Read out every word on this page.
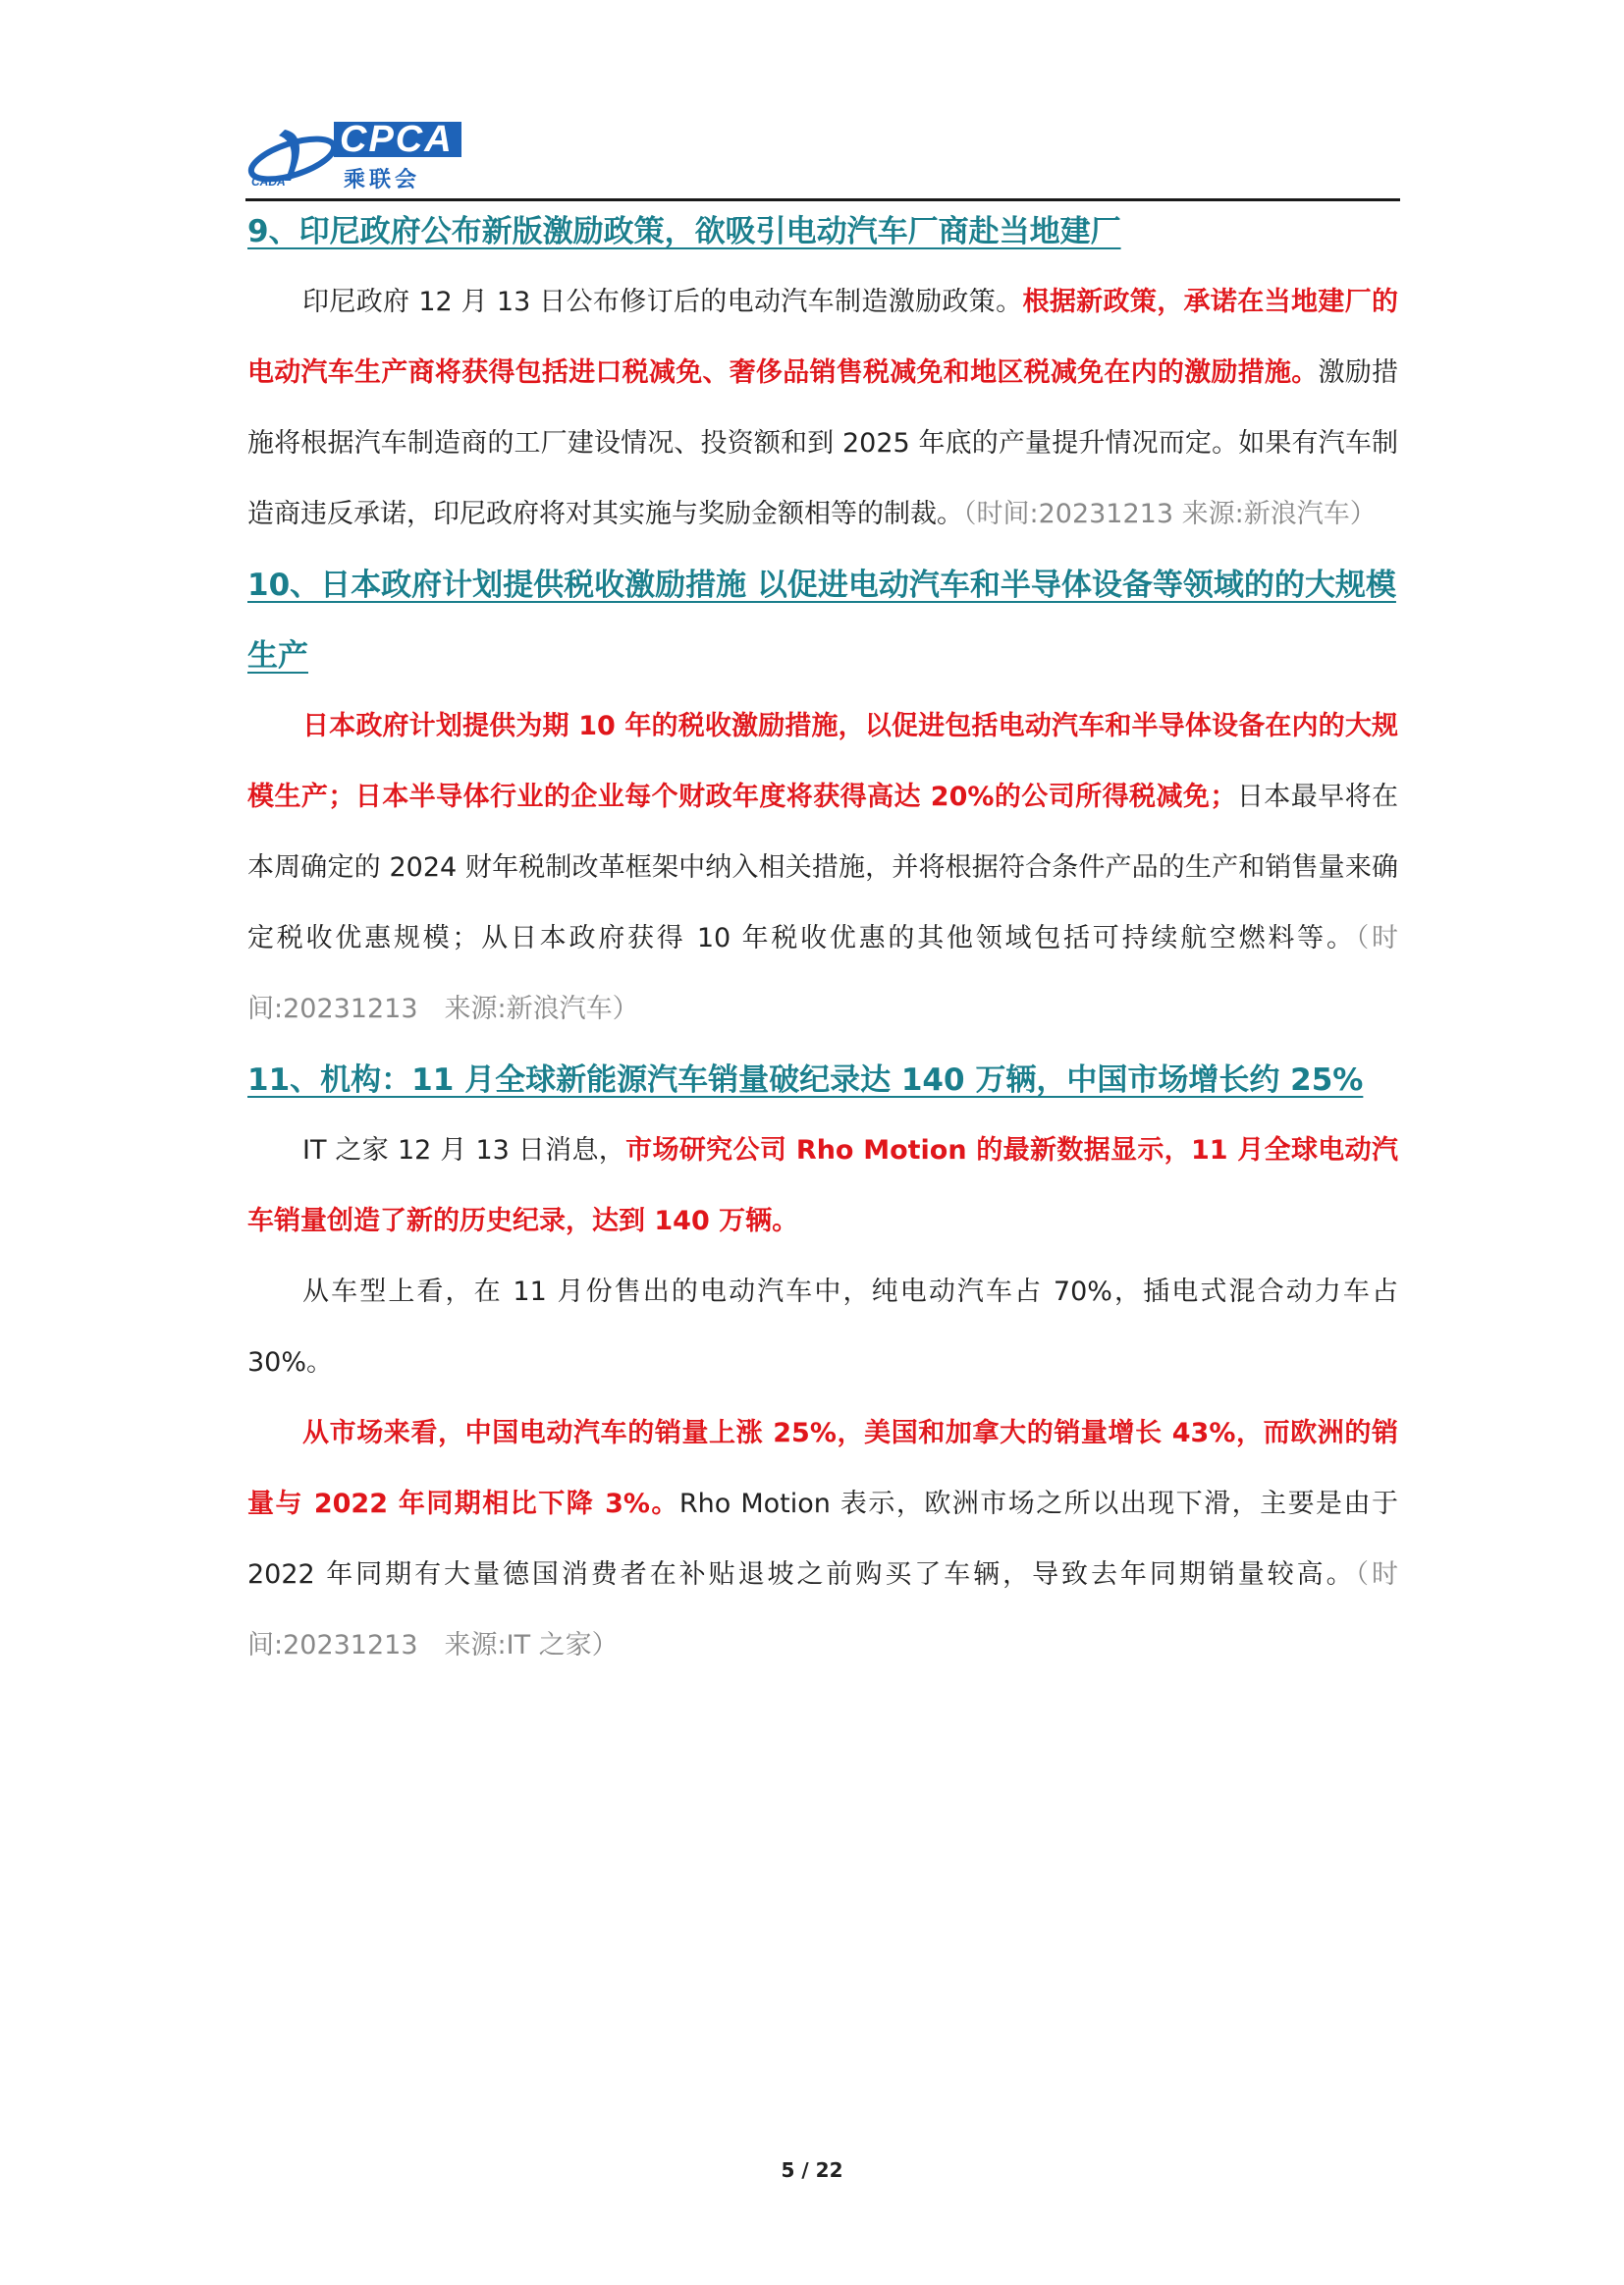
CPCA
乘联会
CADA
9、印尼政府公布新版激励政策，欲吸引电动汽车厂商赴当地建厂

印尼政府 12 月 13 日公布修订后的电动汽车制造激励政策。根据新政策，承诺在当地建厂的电动汽车生产商将获得包括进口税减免、奢侈品销售税减免和地区税减免在内的激励措施。激励措施将根据汽车制造商的工厂建设情况、投资额和到 2025 年底的产量提升情况而定。如果有汽车制造商违反承诺，印尼政府将对其实施与奖励金额相等的制裁。（时间:20231213 来源:新浪汽车）

10、日本政府计划提供税收激励措施 以促进电动汽车和半导体设备等领域的的大规模生产

日本政府计划提供为期 10 年的税收激励措施，以促进包括电动汽车和半导体设备在内的大规模生产；日本半导体行业的企业每个财政年度将获得高达 20%的公司所得税减免；日本最早将在本周确定的 2024 财年税制改革框架中纳入相关措施，并将根据符合条件产品的生产和销售量来确定税收优惠规模；从日本政府获得 10 年税收优惠的其他领域包括可持续航空燃料等。（时间:20231213　来源:新浪汽车）

11、机构：11 月全球新能源汽车销量破纪录达 140 万辆，中国市场增长约 25%

IT 之家 12 月 13 日消息，市场研究公司 Rho Motion 的最新数据显示，11 月全球电动汽车销量创造了新的历史纪录，达到 140 万辆。

从车型上看，在 11 月份售出的电动汽车中，纯电动汽车占 70%，插电式混合动力车占 30%。

从市场来看，中国电动汽车的销量上涨 25%，美国和加拿大的销量增长 43%，而欧洲的销量与 2022 年同期相比下降 3%。Rho Motion 表示，欧洲市场之所以出现下滑，主要是由于 2022 年同期有大量德国消费者在补贴退坡之前购买了车辆，导致去年同期销量较高。（时间:20231213　来源:IT 之家）

5 / 22
